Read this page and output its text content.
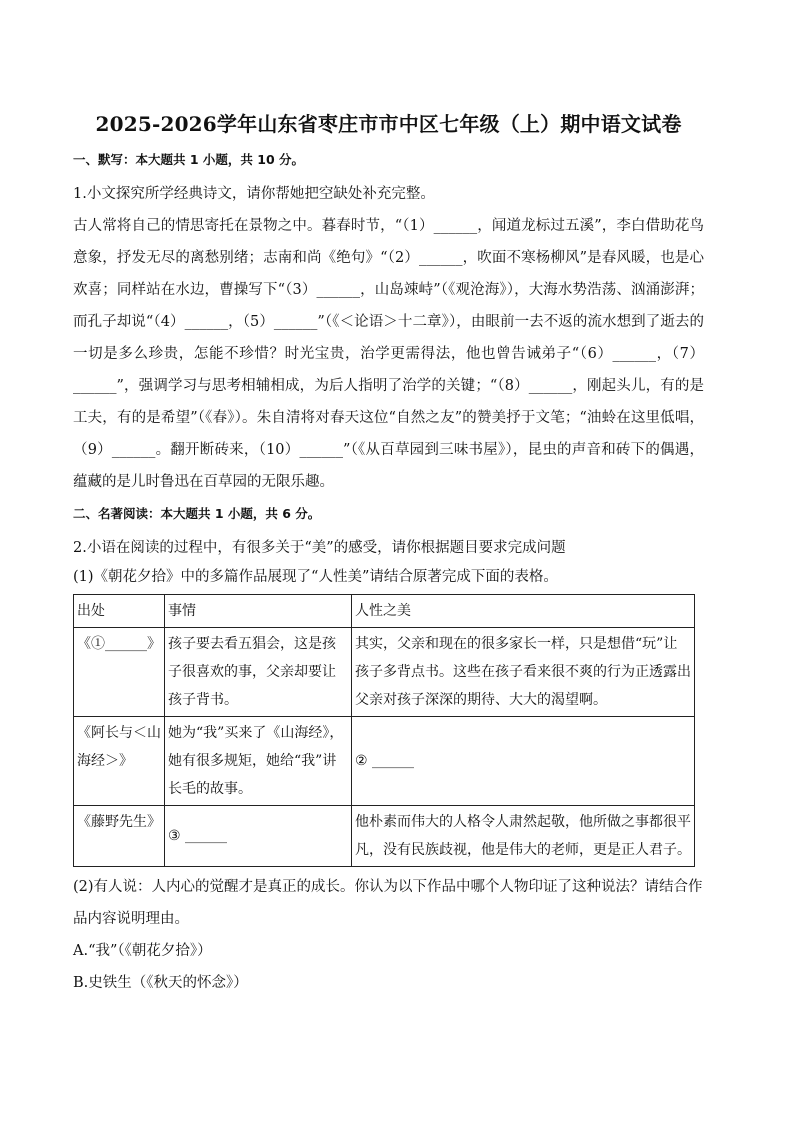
2025-2026学年山东省枣庄市市中区七年级（上）期中语文试卷
一、默写：本大题共 1 小题，共 10 分。

1.小文探究所学经典诗文，请你帮她把空缺处补充完整。

古人常将自己的情思寄托在景物之中。暮春时节，“（1）______，闻道龙标过五溪”，李白借助花鸟意象，抒发无尽的离愁别绪；志南和尚《绝句》“（2）______，吹面不寒杨柳风”是春风暖，也是心欢喜；同样站在水边，曹操写下“（3）______，山岛竦峙”（《观沧海》），大海水势浩荡、汹涌澎湃；而孔子却说“（4）______，（5）______”（《＜论语＞十二章》），由眼前一去不返的流水想到了逝去的一切是多么珍贵，怎能不珍惜？时光宝贵，治学更需得法，他也曾告诫弟子“（6）______，（7）______”，强调学习与思考相辅相成，为后人指明了治学的关键；“（8）______，刚起头儿，有的是工夫，有的是希望”（《春》）。朱自清将对春天这位“自然之友”的赞美抒于文笔；“油蛉在这里低唱，（9）______。翻开断砖来，（10）______”（《从百草园到三味书屋》），昆虫的声音和砖下的偶遇，蕴藏的是儿时鲁迅在百草园的无限乐趣。

二、名著阅读：本大题共 1 小题，共 6 分。

2.小语在阅读的过程中，有很多关于“美”的感受，请你根据题目要求完成问题

(1)《朝花夕拾》中的多篇作品展现了“人性美”请结合原著完成下面的表格。

出处	事情	人性之美
《①______》	孩子要去看五猖会，这是孩子很喜欢的事，父亲却要让孩子背书。	其实，父亲和现在的很多家长一样，只是想借“玩”让孩子多背点书。这些在孩子看来很不爽的行为正透露出父亲对孩子深深的期待、大大的渴望啊。
《阿长与＜山海经＞》	她为“我”买来了《山海经》，她有很多规矩，她给“我”讲长毛的故事。	② ______
《藤野先生》	③ ______	他朴素而伟大的人格令人肃然起敬，他所做之事都很平凡，没有民族歧视，他是伟大的老师，更是正人君子。

(2)有人说：人内心的觉醒才是真正的成长。你认为以下作品中哪个人物印证了这种说法？请结合作品内容说明理由。

A.“我”（《朝花夕拾》）

B.史铁生（《秋天的怀念》）
